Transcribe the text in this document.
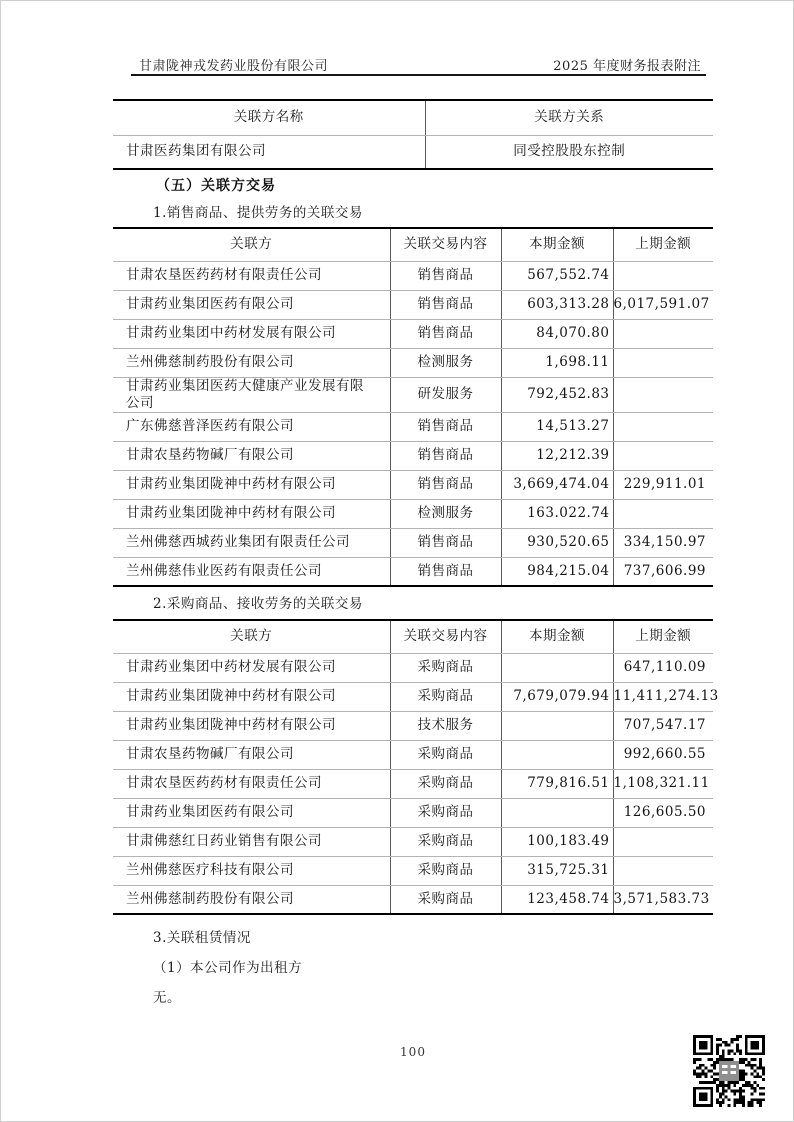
甘肃陇神戎发药业股份有限公司	2025 年度财务报表附注
关联方名称	关联方关系
甘肃医药集团有限公司	同受控股股东控制
（五）关联方交易
1.销售商品、提供劳务的关联交易
关联方	关联交易内容	本期金额	上期金额
甘肃农垦医药药材有限责任公司	销售商品	567,552.74	
甘肃药业集团医药有限公司	销售商品	603,313.28	6,017,591.07
甘肃药业集团中药材发展有限公司	销售商品	84,070.80	
兰州佛慈制药股份有限公司	检测服务	1,698.11	
甘肃药业集团医药大健康产业发展有限公司	研发服务	792,452.83	
广东佛慈普泽医药有限公司	销售商品	14,513.27	
甘肃农垦药物碱厂有限公司	销售商品	12,212.39	
甘肃药业集团陇神中药材有限公司	销售商品	3,669,474.04	229,911.01
甘肃药业集团陇神中药材有限公司	检测服务	163.022.74	
兰州佛慈西城药业集团有限责任公司	销售商品	930,520.65	334,150.97
兰州佛慈伟业医药有限责任公司	销售商品	984,215.04	737,606.99
2.采购商品、接收劳务的关联交易
关联方	关联交易内容	本期金额	上期金额
甘肃药业集团中药材发展有限公司	采购商品		647,110.09
甘肃药业集团陇神中药材有限公司	采购商品	7,679,079.94	11,411,274.13
甘肃药业集团陇神中药材有限公司	技术服务		707,547.17
甘肃农垦药物碱厂有限公司	采购商品		992,660.55
甘肃农垦医药药材有限责任公司	采购商品	779,816.51	1,108,321.11
甘肃药业集团医药有限公司	采购商品		126,605.50
甘肃佛慈红日药业销售有限公司	采购商品	100,183.49	
兰州佛慈医疗科技有限公司	采购商品	315,725.31	
兰州佛慈制药股份有限公司	采购商品	123,458.74	3,571,583.73
3.关联租赁情况
（1）本公司作为出租方
无。
100
